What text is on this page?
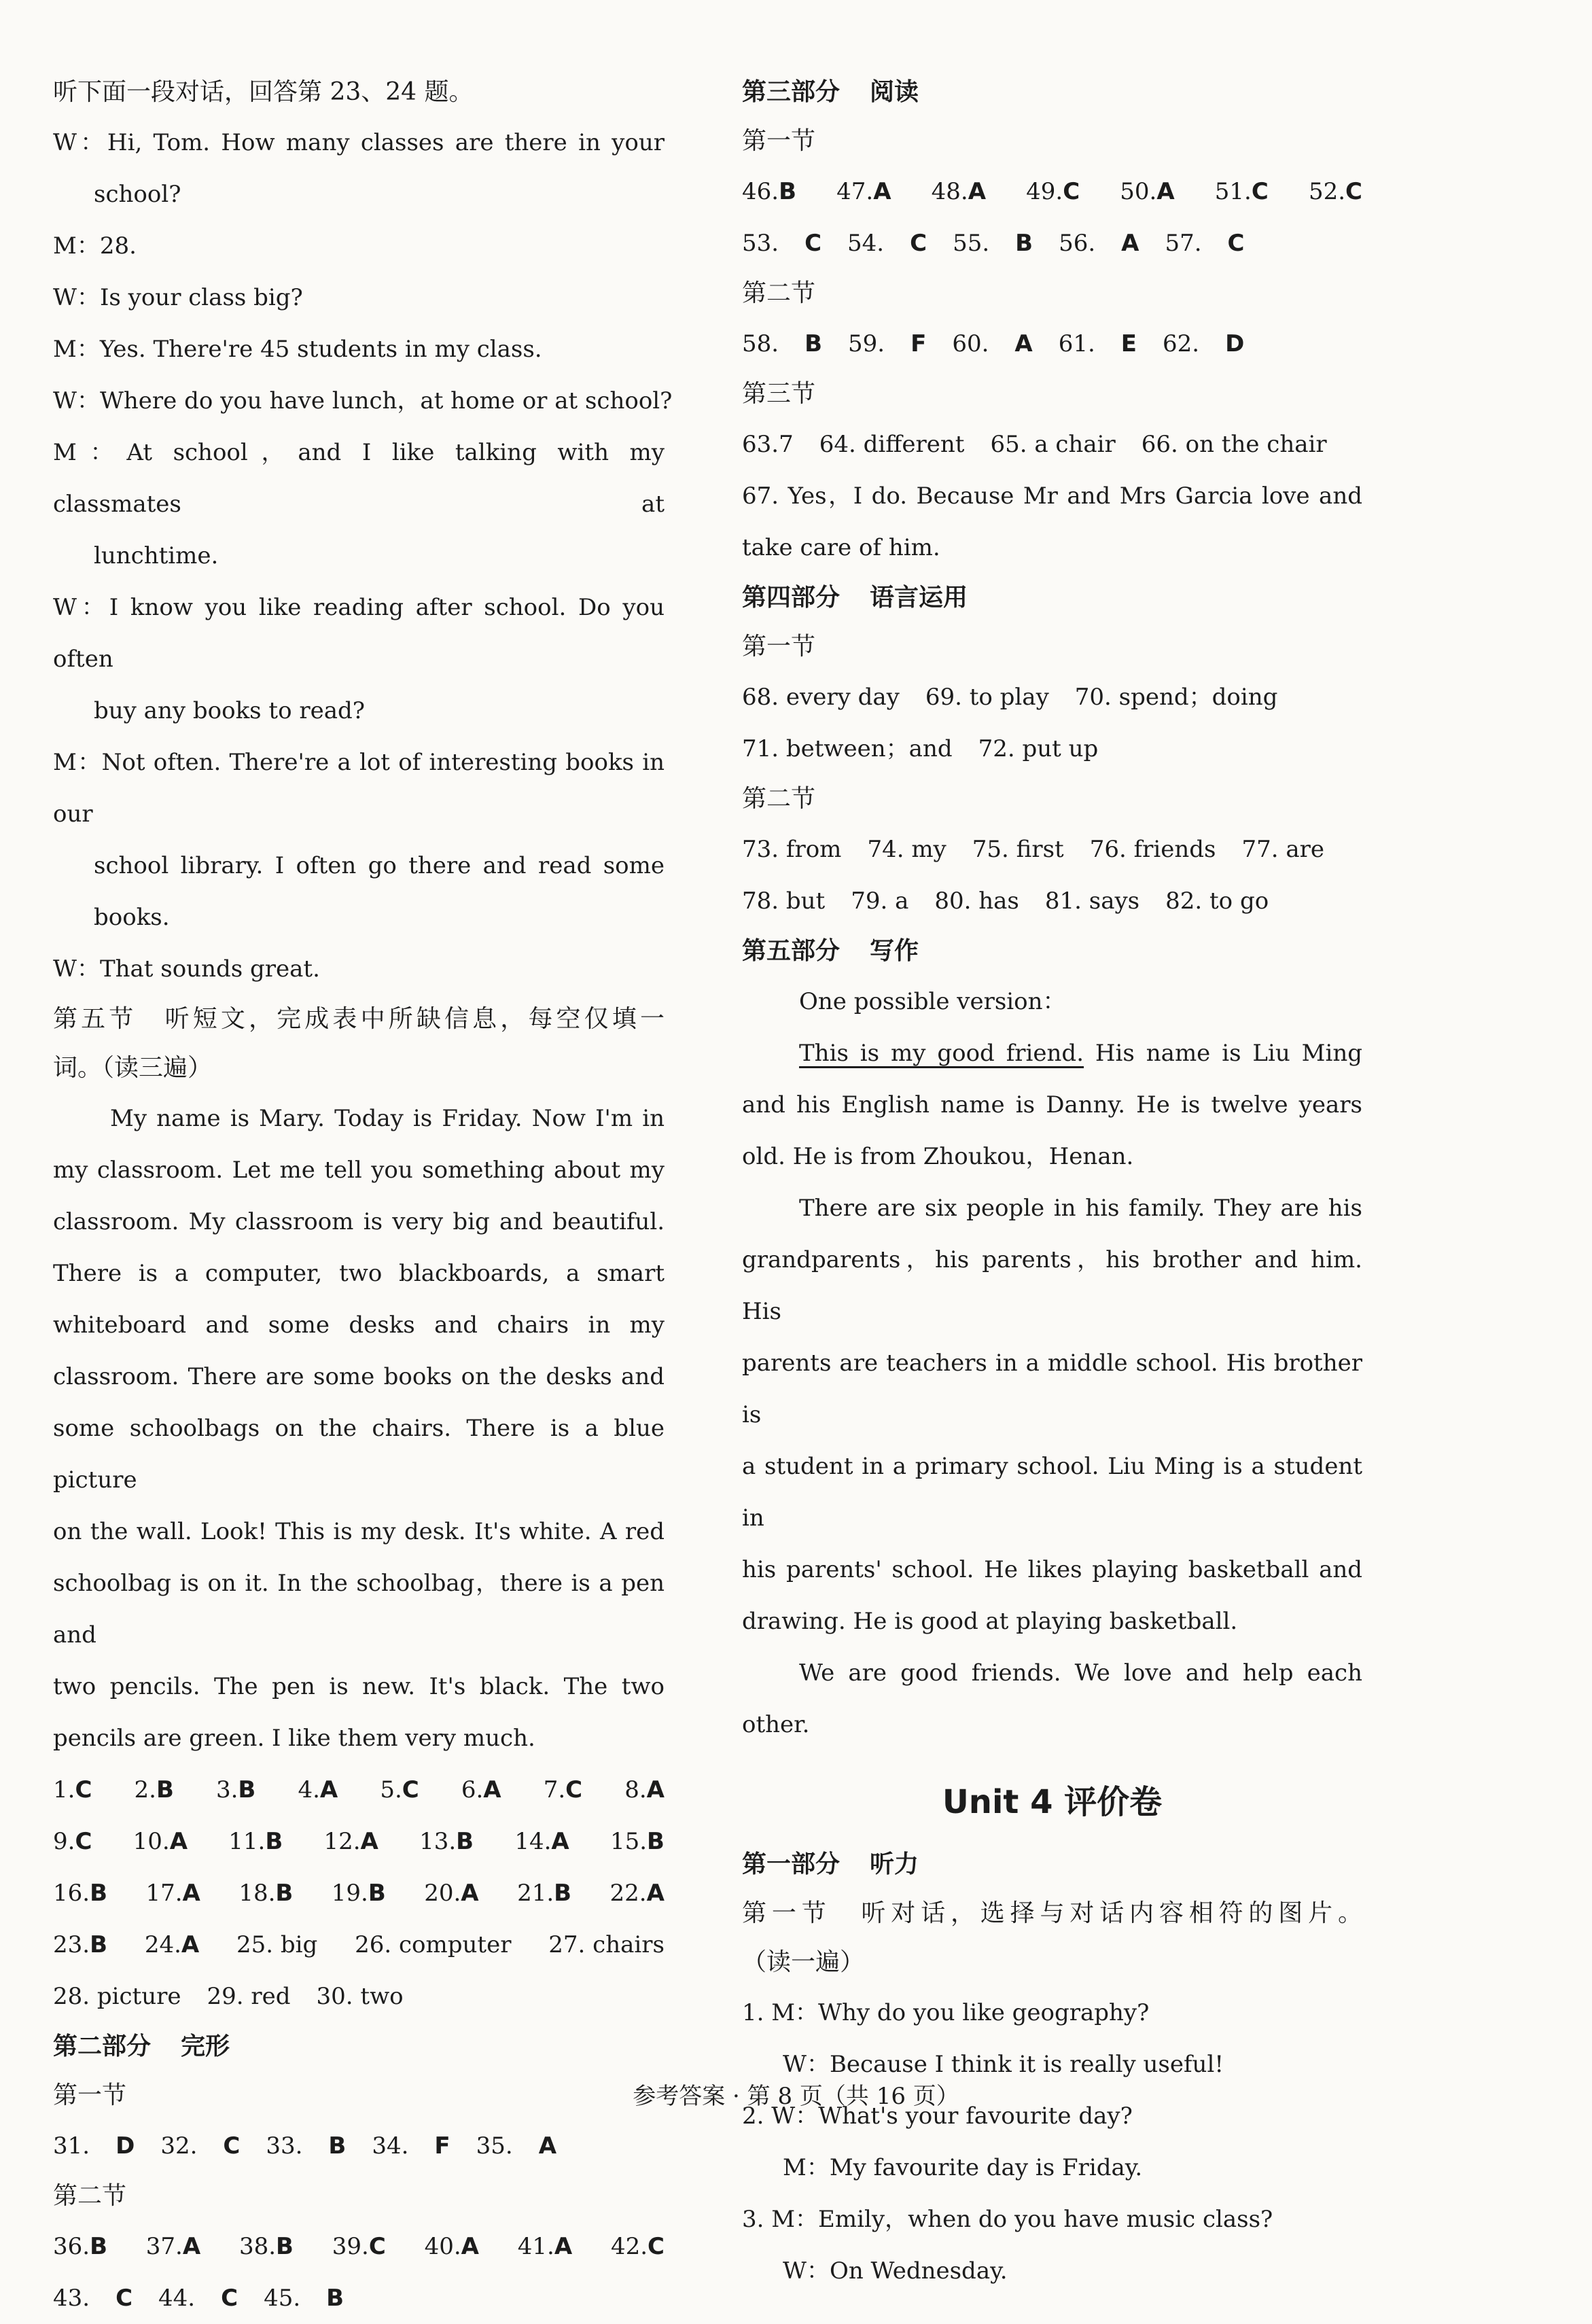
听下面一段对话，回答第 23、24 题。
W：Hi, Tom. How many classes are there in your
school?
M：28.
W：Is your class big?
M：Yes. There're 45 students in my class.
W：Where do you have lunch，at home or at school?
M：At school，and I like talking with my classmates at
lunchtime.
W：I know you like reading after school. Do you often
buy any books to read?
M：Not often. There're a lot of interesting books in our
school library. I often go there and read some
books.
W：That sounds great.
第五节　听短文，完成表中所缺信息，每空仅填一
词。（读三遍）
My name is Mary. Today is Friday. Now I'm in
my classroom. Let me tell you something about my
classroom. My classroom is very big and beautiful.
There is a computer, two blackboards, a smart
whiteboard and some desks and chairs in my
classroom. There are some books on the desks and
some schoolbags on the chairs. There is a blue picture
on the wall. Look! This is my desk. It's white. A red
schoolbag is on it. In the schoolbag，there is a pen and
two pencils. The pen is new. It's black. The two
pencils are green. I like them very much.
1.C 2.B 3.B 4.A 5.C 6.A 7.C 8.A
9.C 10.A 11.B 12.A 13.B 14.A 15.B
16.B 17.A 18.B 19.B 20.A 21.B 22.A
23.B 24.A 25. big 26. computer 27. chairs
28. picture 29. red 30. two
第二部分 完形
第一节
31. D 32. C 33. B 34. F 35. A
第二节
36.B 37.A 38.B 39.C 40.A 41.A 42.C
43. C 44. C 45. B
第三部分 阅读
第一节
46.B 47.A 48.A 49.C 50.A 51.C 52.C
53. C 54. C 55. B 56. A 57. C
第二节
58. B 59. F 60. A 61. E 62. D
第三节
63.7 64. different 65. a chair 66. on the chair
67. Yes，I do. Because Mr and Mrs Garcia love and
take care of him.
第四部分 语言运用
第一节
68. every day 69. to play 70. spend；doing
71. between；and 72. put up
第二节
73. from 74. my 75. first 76. friends 77. are
78. but 79. a 80. has 81. says 82. to go
第五部分 写作
One possible version：
This is my good friend. His name is Liu Ming
and his English name is Danny. He is twelve years
old. He is from Zhoukou，Henan.
There are six people in his family. They are his
grandparents，his parents，his brother and him. His
parents are teachers in a middle school. His brother is
a student in a primary school. Liu Ming is a student in
his parents' school. He likes playing basketball and
drawing. He is good at playing basketball.
We are good friends. We love and help each
other.
Unit 4 评价卷
第一部分 听力
第一节　听对话，选择与对话内容相符的图片。
（读一遍）
1. M：Why do you like geography?
W：Because I think it is really useful!
2. W：What's your favourite day?
M：My favourite day is Friday.
3. M：Emily，when do you have music class?
W：On Wednesday.
参考答案 · 第 8 页（共 16 页）
